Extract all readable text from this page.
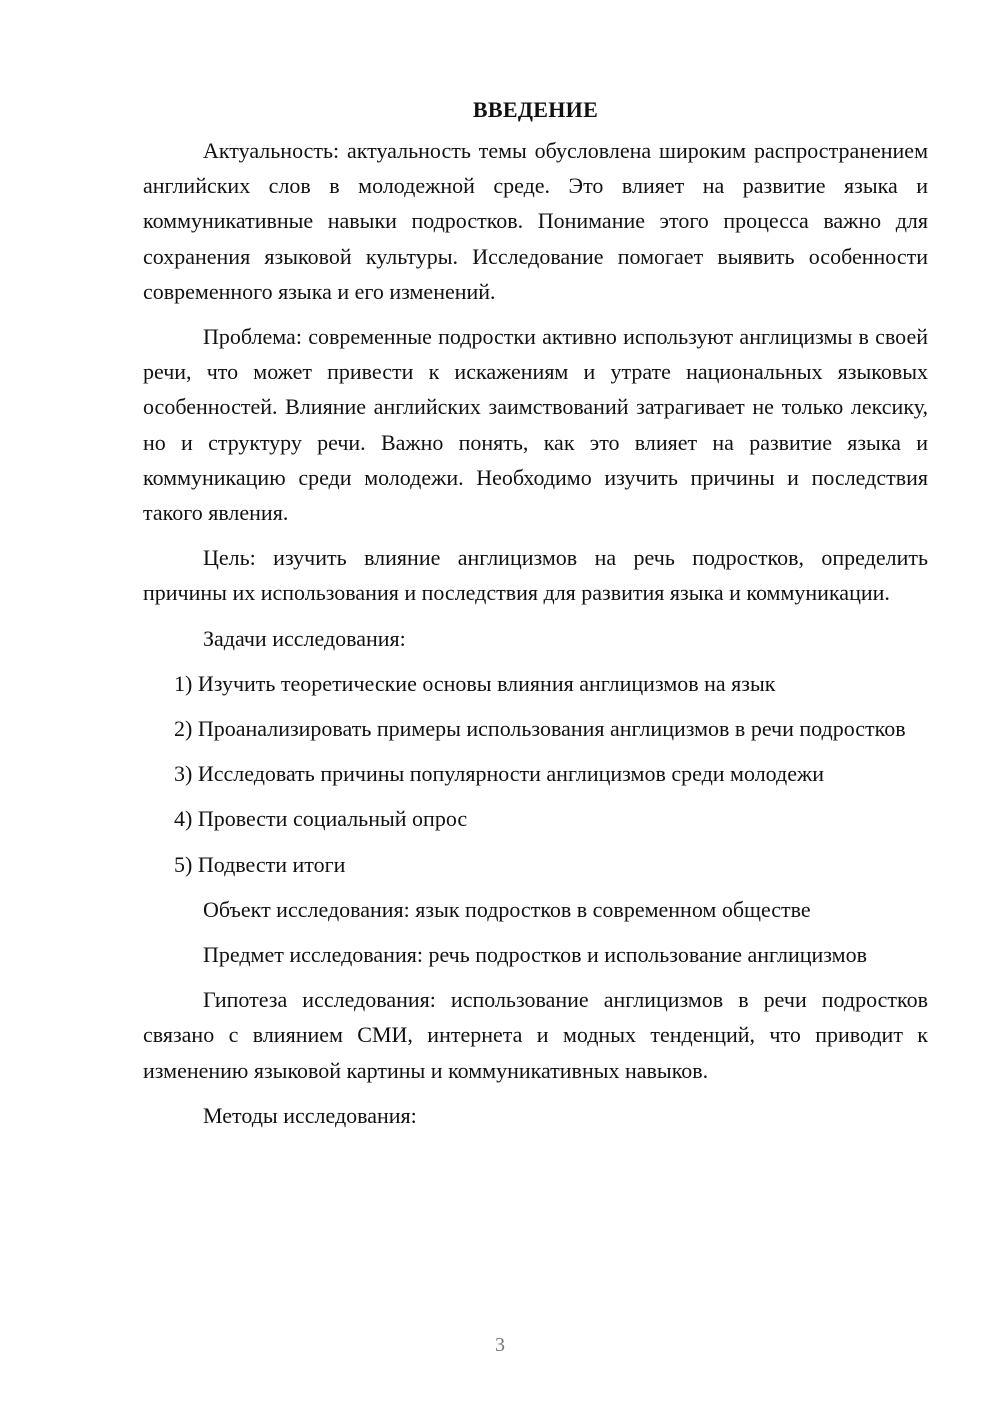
ВВЕДЕНИЕ

Актуальность: актуальность темы обусловлена широким распространением английских слов в молодежной среде. Это влияет на развитие языка и коммуникативные навыки подростков. Понимание этого процесса важно для сохранения языковой культуры. Исследование помогает выявить особенности современного языка и его изменений.

Проблема: современные подростки активно используют англицизмы в своей речи, что может привести к искажениям и утрате национальных языковых особенностей. Влияние английских заимствований затрагивает не только лексику, но и структуру речи. Важно понять, как это влияет на развитие языка и коммуникацию среди молодежи. Необходимо изучить причины и последствия такого явления.

Цель: изучить влияние англицизмов на речь подростков, определить причины их использования и последствия для развития языка и коммуникации.

Задачи исследования:

1) Изучить теоретические основы влияния англицизмов на язык

2) Проанализировать примеры использования англицизмов в речи подростков

3) Исследовать причины популярности англицизмов среди молодежи

4) Провести социальный опрос

5) Подвести итоги

Объект исследования: язык подростков в современном обществе

Предмет исследования: речь подростков и использование англицизмов

Гипотеза исследования: использование англицизмов в речи подростков связано с влиянием СМИ, интернета и модных тенденций, что приводит к изменению языковой картины и коммуникативных навыков.

Методы исследования:

3
